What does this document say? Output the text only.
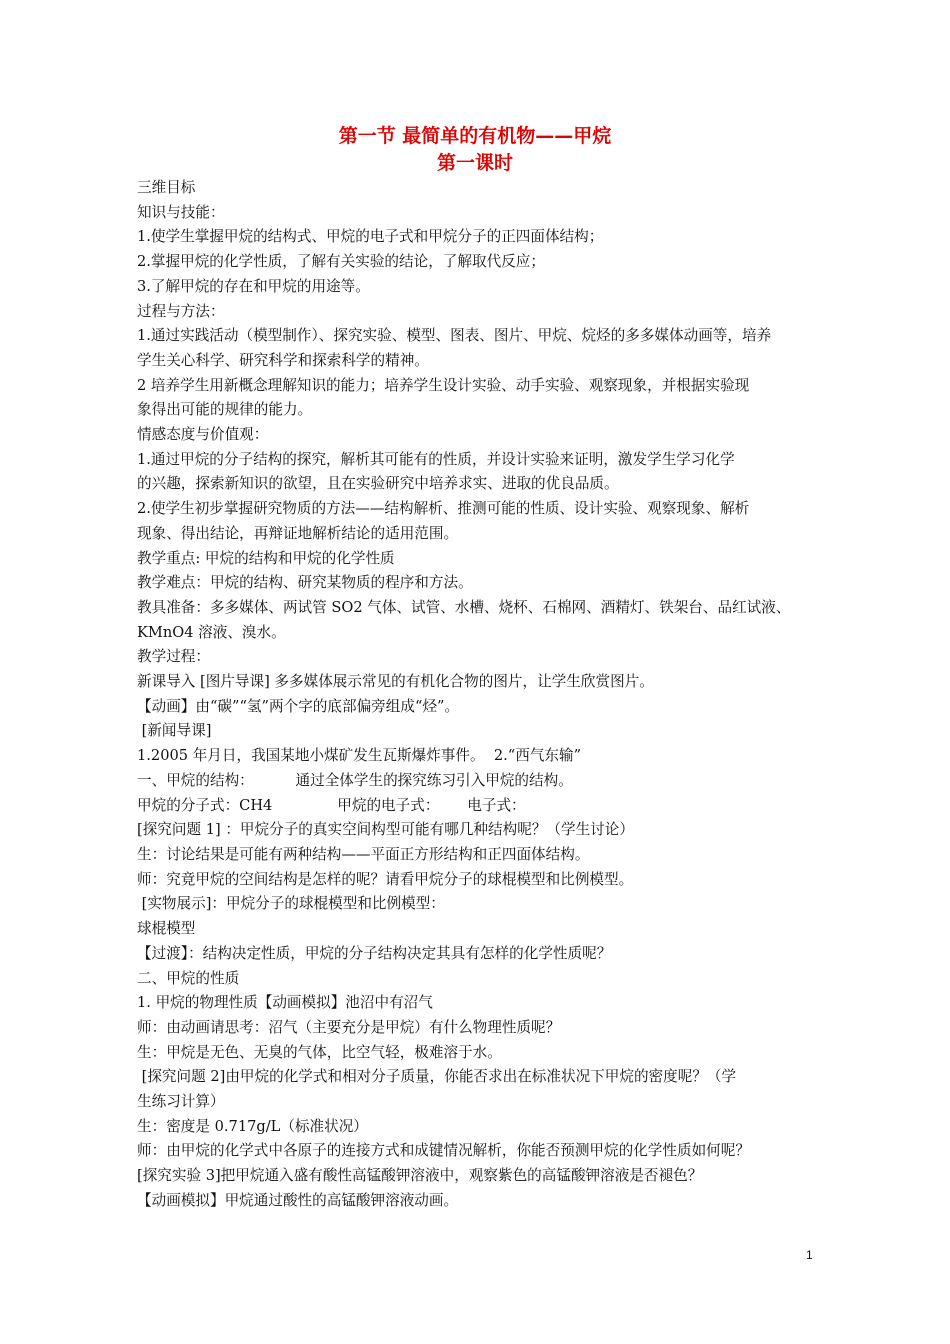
第一节 最简单的有机物——甲烷
第一课时

三维目标

知识与技能：

1.使学生掌握甲烷的结构式、甲烷的电子式和甲烷分子的正四面体结构；

2.掌握甲烷的化学性质，了解有关实验的结论，了解取代反应；

3.了解甲烷的存在和甲烷的用途等。

过程与方法：

1.通过实践活动（模型制作）、探究实验、模型、图表、图片、甲烷、烷烃的多多媒体动画等，培养

学生关心科学、研究科学和探索科学的精神。

2 培养学生用新概念理解知识的能力；培养学生设计实验、动手实验、观察现象，并根据实验现

象得出可能的规律的能力。

情感态度与价值观：

1.通过甲烷的分子结构的探究，解析其可能有的性质，并设计实验来证明，激发学生学习化学

的兴趣，探索新知识的欲望，且在实验研究中培养求实、进取的优良品质。

2.使学生初步掌握研究物质的方法——结构解析、推测可能的性质、设计实验、观察现象、解析

现象、得出结论，再辩证地解析结论的适用范围。

教学重点: 甲烷的结构和甲烷的化学性质

教学难点：甲烷的结构、研究某物质的程序和方法。

教具准备：多多媒体、两试管 SO2 气体、试管、水槽、烧杯、石棉网、酒精灯、铁架台、品红试液、

KMnO4 溶液、溴水。

教学过程：

新课导入 [图片导课] 多多媒体展示常见的有机化合物的图片，让学生欣赏图片。

【动画】由“碳”“氢”两个字的底部偏旁组成“烃”。

[新闻导课]

1.2005 年月日，我国某地小煤矿发生瓦斯爆炸事件。  2.“西气东输”

一、甲烷的结构：         通过全体学生的探究练习引入甲烷的结构。

甲烷的分子式：CH4              甲烷的电子式：      电子式：

[探究问题 1] ：甲烷分子的真实空间构型可能有哪几种结构呢？（学生讨论）

生：讨论结果是可能有两种结构——平面正方形结构和正四面体结构。

师：究竟甲烷的空间结构是怎样的呢？请看甲烷分子的球棍模型和比例模型。

[实物展示]：甲烷分子的球棍模型和比例模型：

球棍模型

【过渡】：结构决定性质，甲烷的分子结构决定其具有怎样的化学性质呢？

二、甲烷的性质

1. 甲烷的物理性质【动画模拟】池沼中有沼气

师：由动画请思考：沼气（主要充分是甲烷）有什么物理性质呢？

生：甲烷是无色、无臭的气体，比空气轻，极难溶于水。

[探究问题 2]由甲烷的化学式和相对分子质量，你能否求出在标准状况下甲烷的密度呢？（学

生练习计算）

生：密度是 0.717g/L（标准状况）

师：由甲烷的化学式中各原子的连接方式和成键情况解析，你能否预测甲烷的化学性质如何呢？

[探究实验 3]把甲烷通入盛有酸性高锰酸钾溶液中，观察紫色的高锰酸钾溶液是否褪色？

【动画模拟】甲烷通过酸性的高锰酸钾溶液动画。

1
